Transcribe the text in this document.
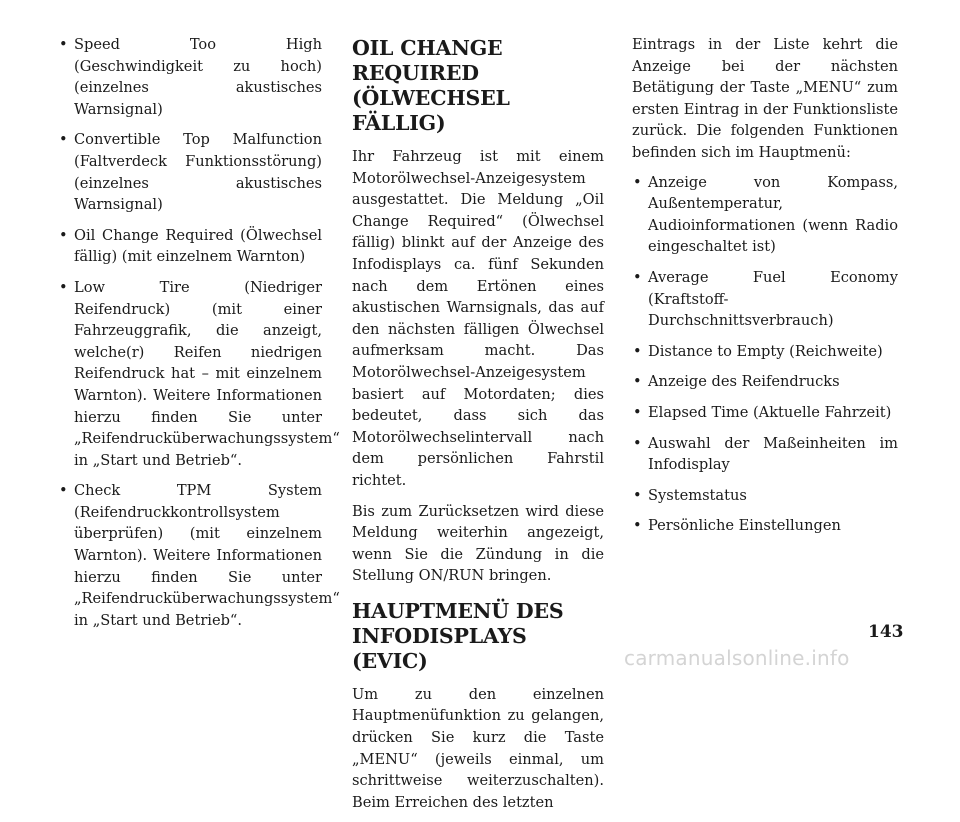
• Speed Too High (Geschwindigkeit zu hoch) (einzelnes akustisches Warnsignal)
• Convertible Top Malfunction (Faltverdeck Funktionsstörung) (einzelnes akustisches Warnsignal)
• Oil Change Required (Ölwechsel fällig) (mit einzelnem Warnton)
• Low Tire (Niedriger Reifendruck) (mit einer Fahrzeuggrafik, die anzeigt, welche(r) Reifen niedrigen Reifendruck hat – mit einzelnem Warnton). Weitere Informationen hierzu finden Sie unter „Reifendrucküberwachungssystem“ in „Start und Betrieb“.
• Check TPM System (Reifendruckkontrollsystem überprüfen) (mit einzelnem Warnton). Weitere Informationen hierzu finden Sie unter „Reifendrucküberwachungssystem“ in „Start und Betrieb“.
OIL CHANGE REQUIRED (ÖLWECHSEL FÄLLIG)

Ihr Fahrzeug ist mit einem Motorölwechsel-Anzeigesystem ausgestattet. Die Meldung „Oil Change Required“ (Ölwechsel fällig) blinkt auf der Anzeige des Infodisplays ca. fünf Sekunden nach dem Ertönen eines akustischen Warnsignals, das auf den nächsten fälligen Ölwechsel aufmerksam macht. Das Motorölwechsel-Anzeigesystem basiert auf Motordaten; dies bedeutet, dass sich das Motorölwechselintervall nach dem persönlichen Fahrstil richtet.

Bis zum Zurücksetzen wird diese Meldung weiterhin angezeigt, wenn Sie die Zündung in die Stellung ON/RUN bringen.

HAUPTMENÜ DES INFODISPLAYS (EVIC)

Um zu den einzelnen Hauptmenüfunktion zu gelangen, drücken Sie kurz die Taste „MENU“ (jeweils einmal, um schrittweise weiterzuschalten). Beim Erreichen des letzten

Eintrags in der Liste kehrt die Anzeige bei der nächsten Betätigung der Taste „MENU“ zum ersten Eintrag in der Funktionsliste zurück. Die folgenden Funktionen befinden sich im Hauptmenü:

• Anzeige von Kompass, Außentemperatur, Audioinformationen (wenn Radio eingeschaltet ist)
• Average Fuel Economy (Kraftstoff-Durchschnittsverbrauch)
• Distance to Empty (Reichweite)
• Anzeige des Reifendrucks
• Elapsed Time (Aktuelle Fahrzeit)
• Auswahl der Maßeinheiten im Infodisplay
• Systemstatus
• Persönliche Einstellungen
143
carmanualsonline.info
